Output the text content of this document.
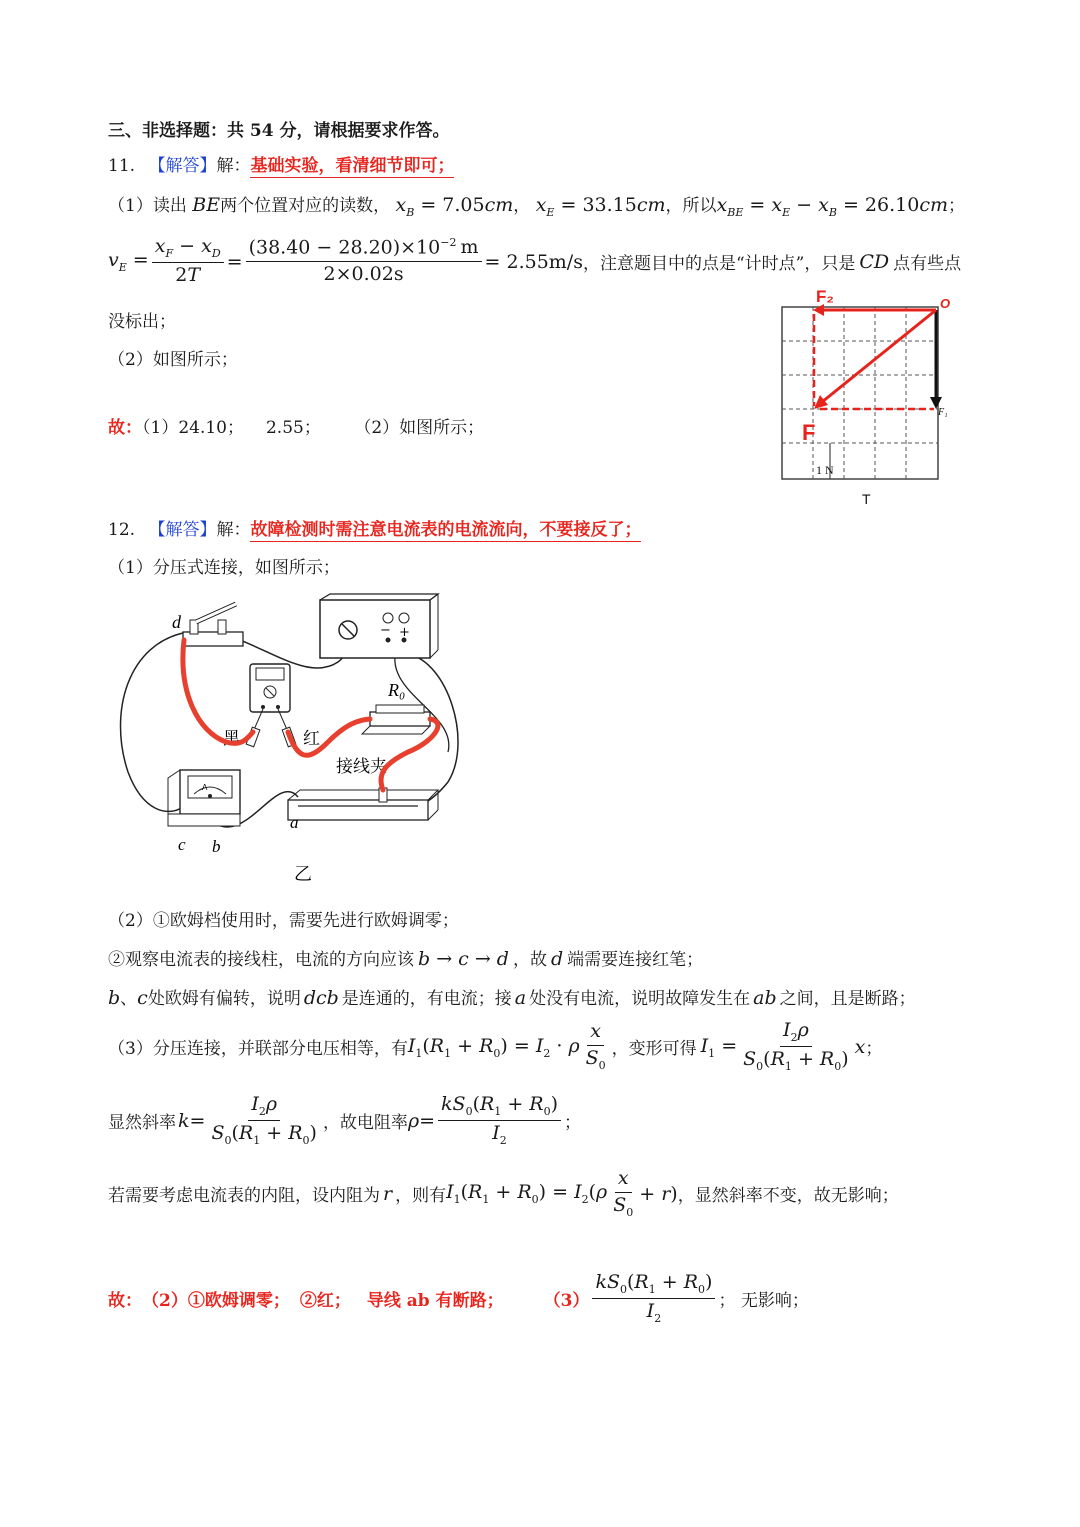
三、非选择题：共 54 分，请根据要求作答。
11. 【解答】解：基础实验，看清细节即可；
（1）读出 BE两个位置对应的读数， $x_B = 7.05cm$， $x_E = 33.15cm$，所以$x_{BE} = x_E - x_B = 26.10cm$；
$v_E = \frac{x_F - x_D}{2T} = \frac{(38.40 - 28.20)\times 10^{-2} m}{2\times 0.02s} = 2.55m/s$ ，注意题目中的点是“计时点”，只是 CD 点有些点
没标出；
（2）如图所示；
故：（1）24.10； 2.55； （2）如图所示；
F₂	O
F
F₁
1 N
T
12. 【解答】解：故障检测时需注意电流表的电流流向，不要接反了；
（1）分压式连接，如图所示；
d	− +
黑	红
R₀
接线夹
A
c b
a
乙
（2）①欧姆档使用时，需要先进行欧姆调零；
②观察电流表的接线柱，电流的方向应该 b → c → d ，故 d 端需要连接红笔；
b、c处欧姆有偏转，说明 dcb 是连通的，有电流；接 a 处没有电流，说明故障发生在 ab 之间，且是断路；
（3）分压连接，并联部分电压相等，有 $I_1(R_1 + R_0) = I_2 \cdot \rho \frac{x}{S_0}$ ，变形可得 $I_1 = \frac{I_2\rho}{S_0(R_1 + R_0)}$ x ；
显然斜率 $k = \frac{I_2\rho}{S_0(R_1 + R_0)}$ ，故电阻率 $\rho = \frac{kS_0(R_1 + R_0)}{I_2}$ ；
若需要考虑电流表的内阻，设内阻为 r ，则有 $I_1(R_1 + R_0) = I_2(\rho \frac{x}{S_0} + r)$ ，显然斜率不变，故无影响；
故： （2）①欧姆调零； ②红； 导线 ab 有断路； $(3) \frac{kS_0(R_1 + R_0)}{I_2}$ ； 无影响；
